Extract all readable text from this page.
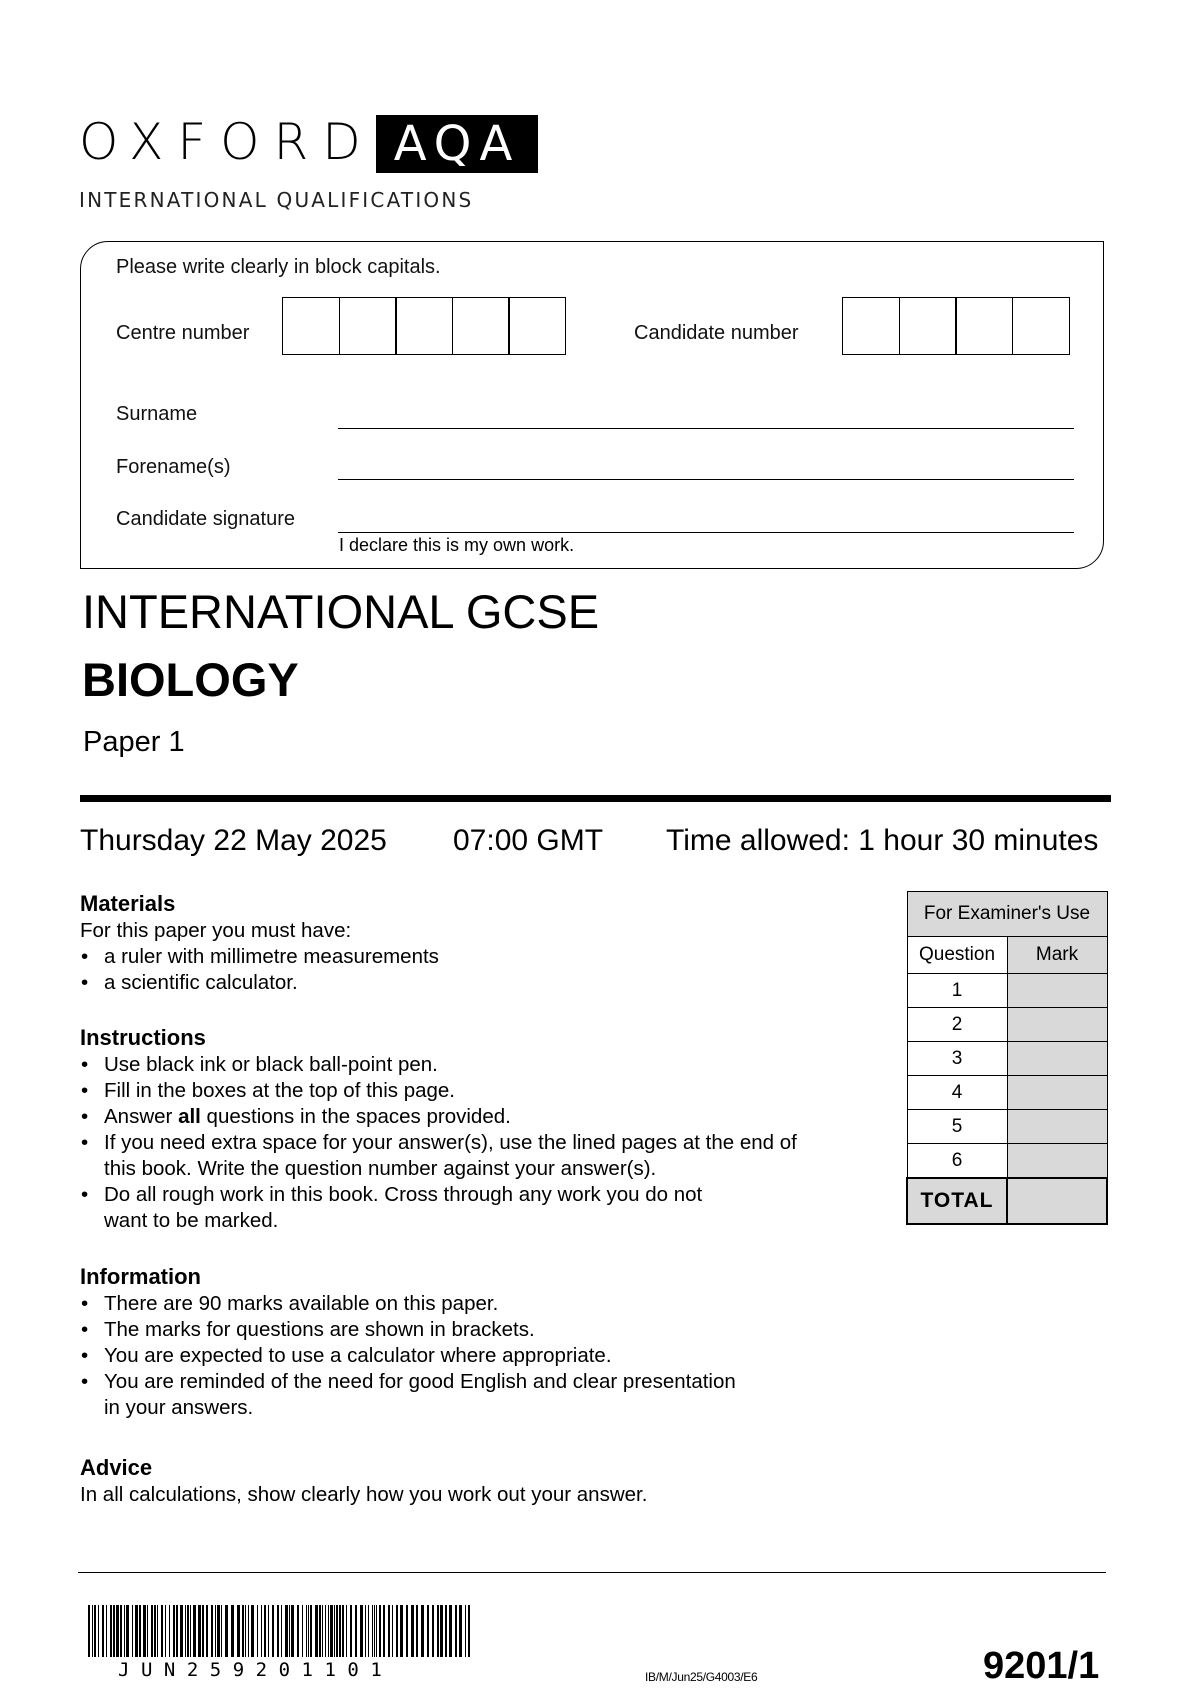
OXFORD AQA
INTERNATIONAL QUALIFICATIONS
Please write clearly in block capitals.
Centre number	Candidate number
Surname
Forename(s)
Candidate signature
I declare this is my own work.
INTERNATIONAL GCSE
BIOLOGY
Paper 1
Thursday 22 May 2025 07:00 GMT Time allowed: 1 hour 30 minutes
Materials

For this paper you must have:

• a ruler with millimetre measurements
• a scientific calculator.
Instructions
• Use black ink or black ball-point pen.
• Fill in the boxes at the top of this page.
• Answer all questions in the spaces provided.
• If you need extra space for your answer(s), use the lined pages at the end of
this book. Write the question number against your answer(s).
• Do all rough work in this book. Cross through any work you do not
want to be marked.
Information
• There are 90 marks available on this paper.
• The marks for questions are shown in brackets.
• You are expected to use a calculator where appropriate.
• You are reminded of the need for good English and clear presentation
in your answers.
Advice

In all calculations, show clearly how you work out your answer.

For Examiner's Use	
Question	Mark
1	
2	
3	
4	
5	
6	
TOTAL	
JUN259201101	IB/M/Jun25/G4003/E6	9201/1
